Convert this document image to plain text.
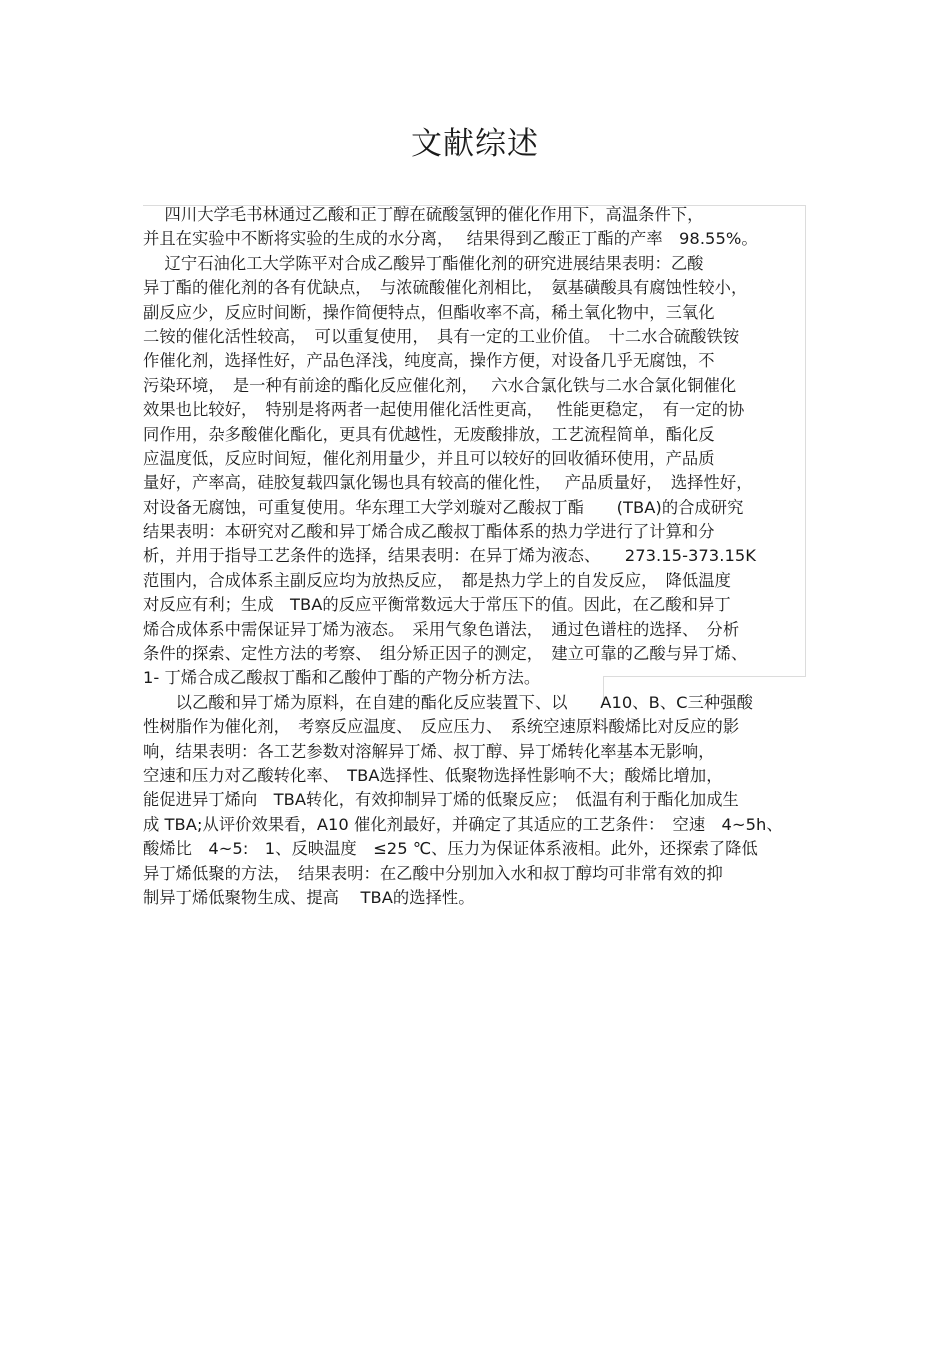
文献综述
　 四川大学毛书林通过乙酸和正丁醇在硫酸氢钾的催化作用下，高温条件下，
并且在实验中不断将实验的生成的水分离，　 结果得到乙酸正丁酯的产率　98.55%。
　 辽宁石油化工大学陈平对合成乙酸异丁酯催化剂的研究进展结果表明：乙酸
异丁酯的催化剂的各有优缺点，　与浓硫酸催化剂相比，　氨基磺酸具有腐蚀性较小，
副反应少，反应时间断，操作简便特点，但酯收率不高，稀土氧化物中，三氧化
二铵的催化活性较高，　可以重复使用，　具有一定的工业价值。　十二水合硫酸铁铵
作催化剂，选择性好，产品色泽浅，纯度高，操作方便，对设备几乎无腐蚀，不
污染环境，　是一种有前途的酯化反应催化剂，　 六水合氯化铁与二水合氯化铜催化
效果也比较好，　特别是将两者一起使用催化活性更高，　 性能更稳定，　有一定的协
同作用，杂多酸催化酯化，更具有优越性，无废酸排放，工艺流程简单，酯化反
应温度低，反应时间短，催化剂用量少，并且可以较好的回收循环使用，产品质
量好，产率高，硅胶复载四氯化锡也具有较高的催化性，　 产品质量好，　选择性好，
对设备无腐蚀，可重复使用。华东理工大学刘璇对乙酸叔丁酯　　(TBA)的合成研究
结果表明：本研究对乙酸和异丁烯合成乙酸叔丁酯体系的热力学进行了计算和分
析，并用于指导工艺条件的选择，结果表明：在异丁烯为液态、　　273.15-373.15K
范围内，合成体系主副反应均为放热反应，　都是热力学上的自发反应，　降低温度
对反应有利；生成　TBA的反应平衡常数远大于常压下的值。因此，在乙酸和异丁
烯合成体系中需保证异丁烯为液态。　采用气象色谱法，　通过色谱柱的选择、　分析
条件的探索、定性方法的考察、　组分矫正因子的测定，　建立可靠的乙酸与异丁烯、
1- 丁烯合成乙酸叔丁酯和乙酸仲丁酯的产物分析方法。
　　以乙酸和异丁烯为原料，在自建的酯化反应装置下、以　　A10、B、C三种强酸
性树脂作为催化剂，　考察反应温度、　反应压力、　系统空速原料酸烯比对反应的影
响，结果表明：各工艺参数对溶解异丁烯、叔丁醇、异丁烯转化率基本无影响，
空速和压力对乙酸转化率、　TBA选择性、低聚物选择性影响不大；酸烯比增加，
能促进异丁烯向　TBA转化，有效抑制异丁烯的低聚反应；　低温有利于酯化加成生
成 TBA;从评价效果看，A10 催化剂最好，并确定了其适应的工艺条件：　空速　4~5h、
酸烯比　4~5:　1、反映温度　≤25 ℃、压力为保证体系液相。此外，还探索了降低
异丁烯低聚的方法，　结果表明：在乙酸中分别加入水和叔丁醇均可非常有效的抑
制异丁烯低聚物生成、提高　 TBA的选择性。
